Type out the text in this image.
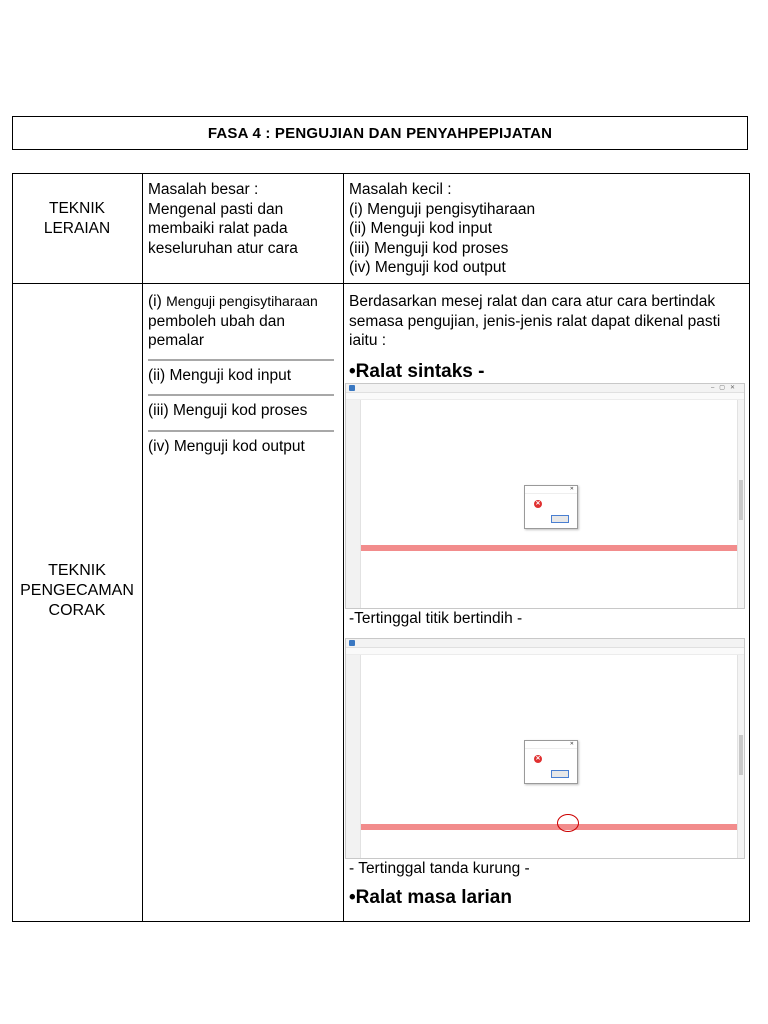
FASA 4 : PENGUJIAN DAN PENYAHPEPIJATAN
TEKNIK
LERAIAN
Masalah besar :
Mengenal pasti dan
membaiki ralat pada
keseluruhan atur cara
Masalah kecil :
(i) Menguji pengisytiharaan
(ii) Menguji kod input
(iii) Menguji kod proses
(iv) Menguji kod output
TEKNIK
PENGECAMAN
CORAK
(i) Menguji pengisytiharaan
pemboleh ubah dan
pemalar
(ii) Menguji kod input
(iii) Menguji kod proses
(iv) Menguji kod output
Berdasarkan mesej ralat dan cara atur cara bertindak
semasa pengujian, jenis-jenis ralat dapat dikenal pasti
iaitu :
•Ralat sintaks -
–▢✕
✕
✕
-Tertinggal titik bertindih -
✕
✕
- Tertinggal tanda kurung -
•Ralat masa larian
